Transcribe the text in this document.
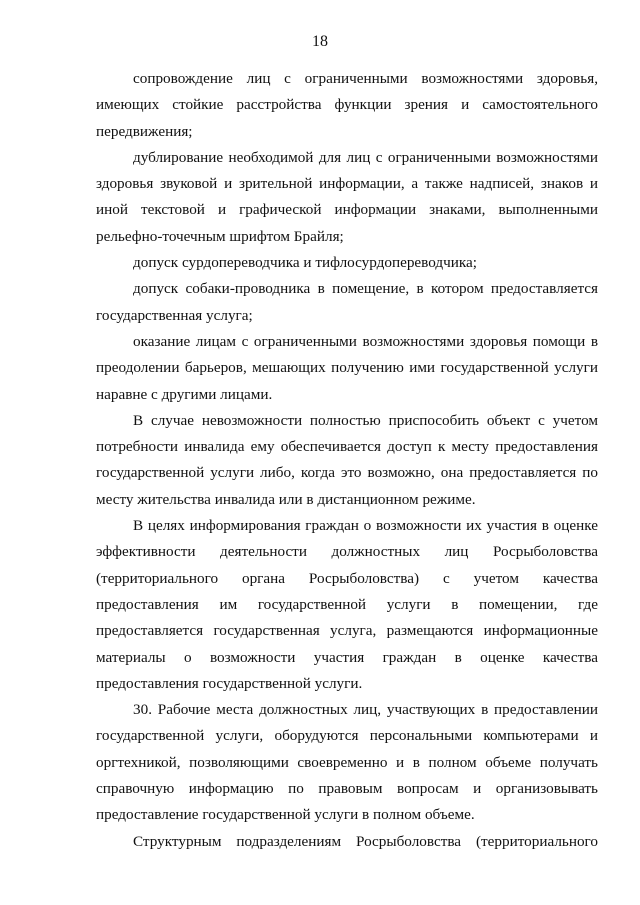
18

сопровождение лиц с ограниченными возможностями здоровья, имеющих стойкие расстройства функции зрения и самостоятельного передвижения;

дублирование необходимой для лиц с ограниченными возможностями здоровья звуковой и зрительной информации, а также надписей, знаков и иной текстовой и графической информации знаками, выполненными рельефно-точечным шрифтом Брайля;

допуск сурдопереводчика и тифлосурдопереводчика;

допуск собаки-проводника в помещение, в котором предоставляется государственная услуга;

оказание лицам с ограниченными возможностями здоровья помощи в преодолении барьеров, мешающих получению ими государственной услуги наравне с другими лицами.

В случае невозможности полностью приспособить объект с учетом потребности инвалида ему обеспечивается доступ к месту предоставления государственной услуги либо, когда это возможно, она предоставляется по месту жительства инвалида или в дистанционном режиме.

В целях информирования граждан о возможности их участия в оценке эффективности деятельности должностных лиц Росрыболовства (территориального органа Росрыболовства) с учетом качества предоставления им государственной услуги в помещении, где предоставляется государственная услуга, размещаются информационные материалы о возможности участия граждан в оценке качества предоставления государственной услуги.

30. Рабочие места должностных лиц, участвующих в предоставлении государственной услуги, оборудуются персональными компьютерами и оргтехникой, позволяющими своевременно и в полном объеме получать справочную информацию по правовым вопросам и организовывать предоставление государственной услуги в полном объеме.

Структурным подразделениям Росрыболовства (территориального
